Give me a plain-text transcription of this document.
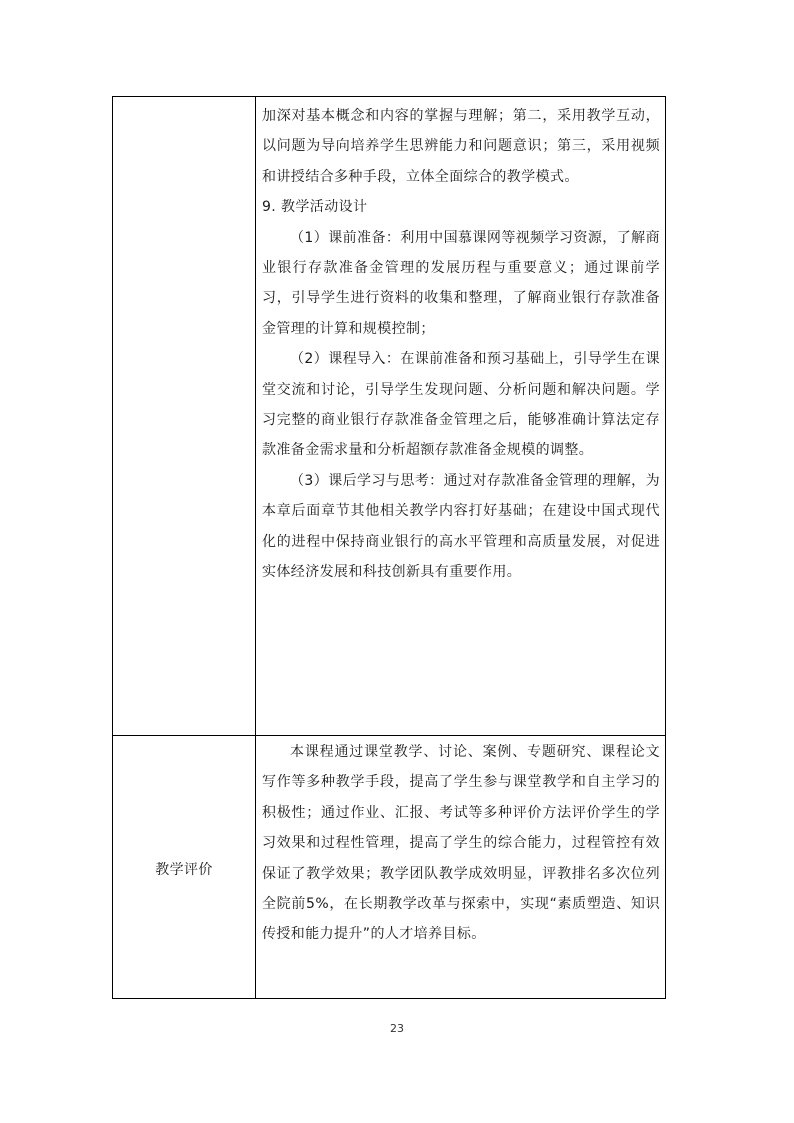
加深对基本概念和内容的掌握与理解；第二，采用教学互动，以问题为导向培养学生思辨能力和问题意识；第三，采用视频和讲授结合多种手段，立体全面综合的教学模式。

9. 教学活动设计

（1）课前准备：利用中国慕课网等视频学习资源，了解商业银行存款准备金管理的发展历程与重要意义；通过课前学习，引导学生进行资料的收集和整理，了解商业银行存款准备金管理的计算和规模控制；

（2）课程导入：在课前准备和预习基础上，引导学生在课堂交流和讨论，引导学生发现问题、分析问题和解决问题。学习完整的商业银行存款准备金管理之后，能够准确计算法定存款准备金需求量和分析超额存款准备金规模的调整。

（3）课后学习与思考：通过对存款准备金管理的理解，为本章后面章节其他相关教学内容打好基础；在建设中国式现代化的进程中保持商业银行的高水平管理和高质量发展，对促进实体经济发展和科技创新具有重要作用。

教学评价

本课程通过课堂教学、讨论、案例、专题研究、课程论文写作等多种教学手段，提高了学生参与课堂教学和自主学习的积极性；通过作业、汇报、考试等多种评价方法评价学生的学习效果和过程性管理，提高了学生的综合能力，过程管控有效保证了教学效果；教学团队教学成效明显，评教排名多次位列全院前5%，在长期教学改革与探索中，实现“素质塑造、知识传授和能力提升”的人才培养目标。

23
